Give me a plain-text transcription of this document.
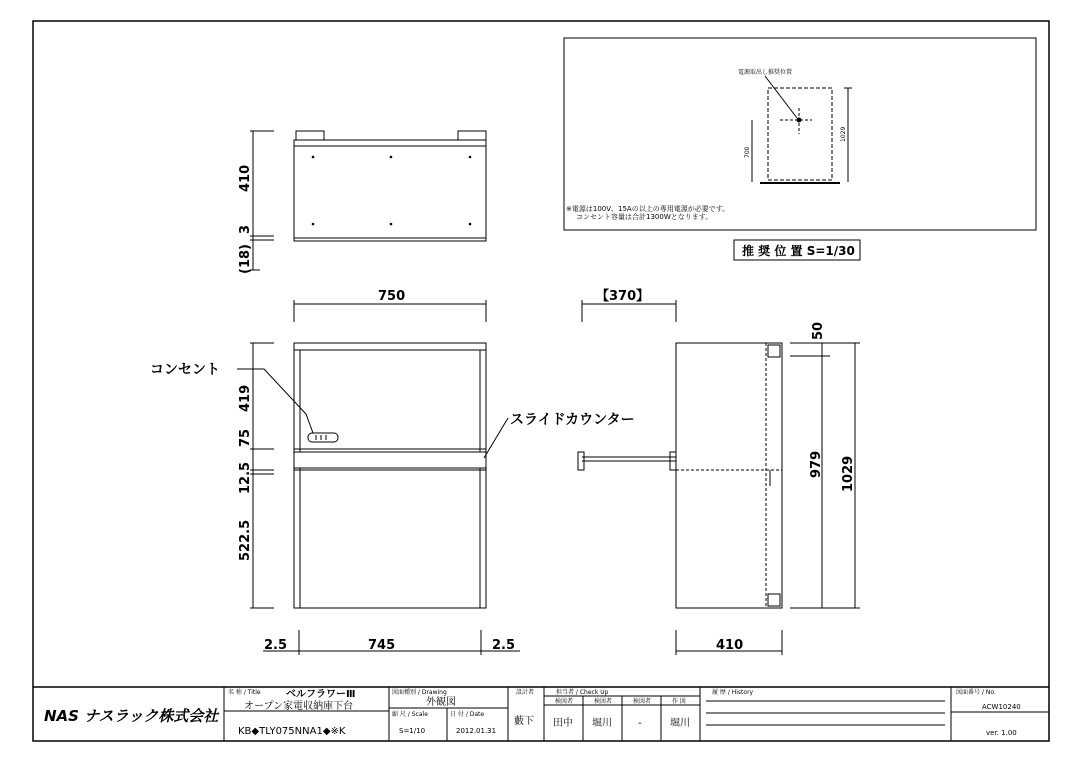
410
3
(18)
750
419
75
12.5
522.5
2.5	745	2.5
コンセント
スライドカウンター
【370】
50
979 1029
410
電源取出し推奨位置
700
1029
※電源は100V、15Aの以上の専用電源が必要です。
コンセント容量は合計1300Wとなります。
推 奨 位 置 S=1/30
NAS ナスラック株式会社
名 称 / Title	ベルフラワーⅢ
オープン家電収納庫下台
KB◆TLY075NNA1◆※K
図面種別 / Drawing
外観図
縮 尺 / Scale
S=1/10
日 付 / Date
2012.01.31
設計者
藪下
担当者 / Check Up
検図者	検図者	検図者	作 図
田中 堀川	-	堀川
履 歴 / History	図面番号 / No.
ACW10240
ver. 1.00
